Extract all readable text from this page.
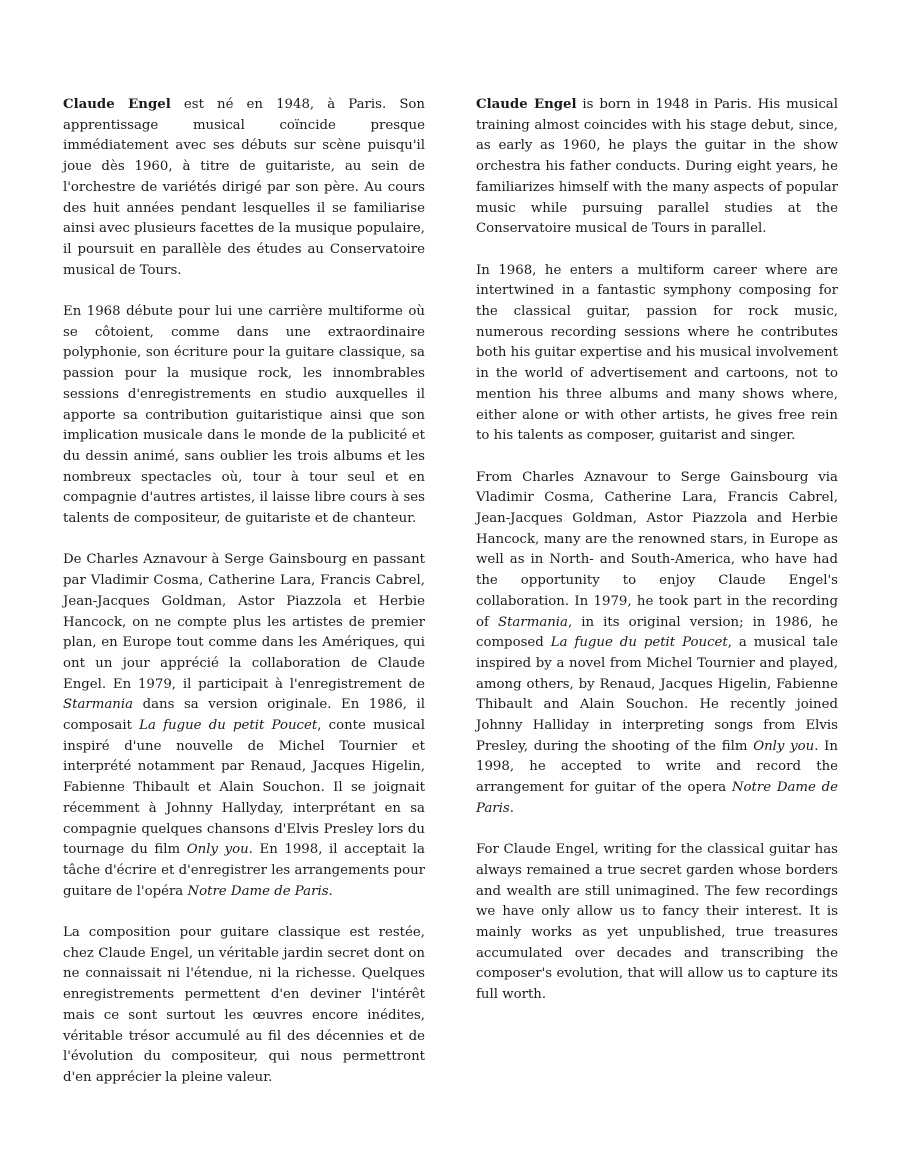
Claude Engel est né en 1948, à Paris. Son apprentissage musical coïncide presque immédiatement avec ses débuts sur scène puisqu'il joue dès 1960, à titre de guitariste, au sein de l'orchestre de variétés dirigé par son père. Au cours des huit années pendant lesquelles il se familiarise ainsi avec plusieurs facettes de la musique populaire, il poursuit en parallèle des études au Conservatoire musical de Tours.

En 1968 débute pour lui une carrière multiforme où se côtoient, comme dans une extraordinaire polyphonie, son écriture pour la guitare classique, sa passion pour la musique rock, les innombrables sessions d'enregistrements en studio auxquelles il apporte sa contribution guitaristique ainsi que son implication musicale dans le monde de la publicité et du dessin animé, sans oublier les trois albums et les nombreux spectacles où, tour à tour seul et en compagnie d'autres artistes, il laisse libre cours à ses talents de compositeur, de guitariste et de chanteur.

De Charles Aznavour à Serge Gainsbourg en passant par Vladimir Cosma, Catherine Lara, Francis Cabrel, Jean-Jacques Goldman, Astor Piazzola et Herbie Hancock, on ne compte plus les artistes de premier plan, en Europe tout comme dans les Amériques, qui ont un jour apprécié la collaboration de Claude Engel. En 1979, il participait à l'enregistrement de Starmania dans sa version originale. En 1986, il composait La fugue du petit Poucet, conte musical inspiré d'une nouvelle de Michel Tournier et interprété notamment par Renaud, Jacques Higelin, Fabienne Thibault et Alain Souchon. Il se joignait récemment à Johnny Hallyday, interprétant en sa compagnie quelques chansons d'Elvis Presley lors du tournage du film Only you. En 1998, il acceptait la tâche d'écrire et d'enregistrer les arrangements pour guitare de l'opéra Notre Dame de Paris.

La composition pour guitare classique est restée, chez Claude Engel, un véritable jardin secret dont on ne connaissait ni l'étendue, ni la richesse. Quelques enregistrements permettent d'en deviner l'intérêt mais ce sont surtout les œuvres encore inédites, véritable trésor accumulé au fil des décennies et de l'évolution du compositeur, qui nous permettront d'en apprécier la pleine valeur.

Claude Engel is born in 1948 in Paris. His musical training almost coincides with his stage debut, since, as early as 1960, he plays the guitar in the show orchestra his father conducts. During eight years, he familiarizes himself with the many aspects of popular music while pursuing parallel studies at the Conservatoire musical de Tours in parallel.

In 1968, he enters a multiform career where are intertwined in a fantastic symphony composing for the classical guitar, passion for rock music, numerous recording sessions where he contributes both his guitar expertise and his musical involvement in the world of advertisement and cartoons, not to mention his three albums and many shows where, either alone or with other artists, he gives free rein to his talents as composer, guitarist and singer.

From Charles Aznavour to Serge Gainsbourg via Vladimir Cosma, Catherine Lara, Francis Cabrel, Jean-Jacques Goldman, Astor Piazzola and Herbie Hancock, many are the renowned stars, in Europe as well as in North- and South-America, who have had the opportunity to enjoy Claude Engel's collaboration. In 1979, he took part in the recording of Starmania, in its original version; in 1986, he composed La fugue du petit Poucet, a musical tale inspired by a novel from Michel Tournier and played, among others, by Renaud, Jacques Higelin, Fabienne Thibault and Alain Souchon. He recently joined Johnny Halliday in interpreting songs from Elvis Presley, during the shooting of the film Only you. In 1998, he accepted to write and record the arrangement for guitar of the opera Notre Dame de Paris.

For Claude Engel, writing for the classical guitar has always remained a true secret garden whose borders and wealth are still unimagined. The few recordings we have only allow us to fancy their interest. It is mainly works as yet unpublished, true treasures accumulated over decades and transcribing the composer's evolution, that will allow us to capture its full worth.
